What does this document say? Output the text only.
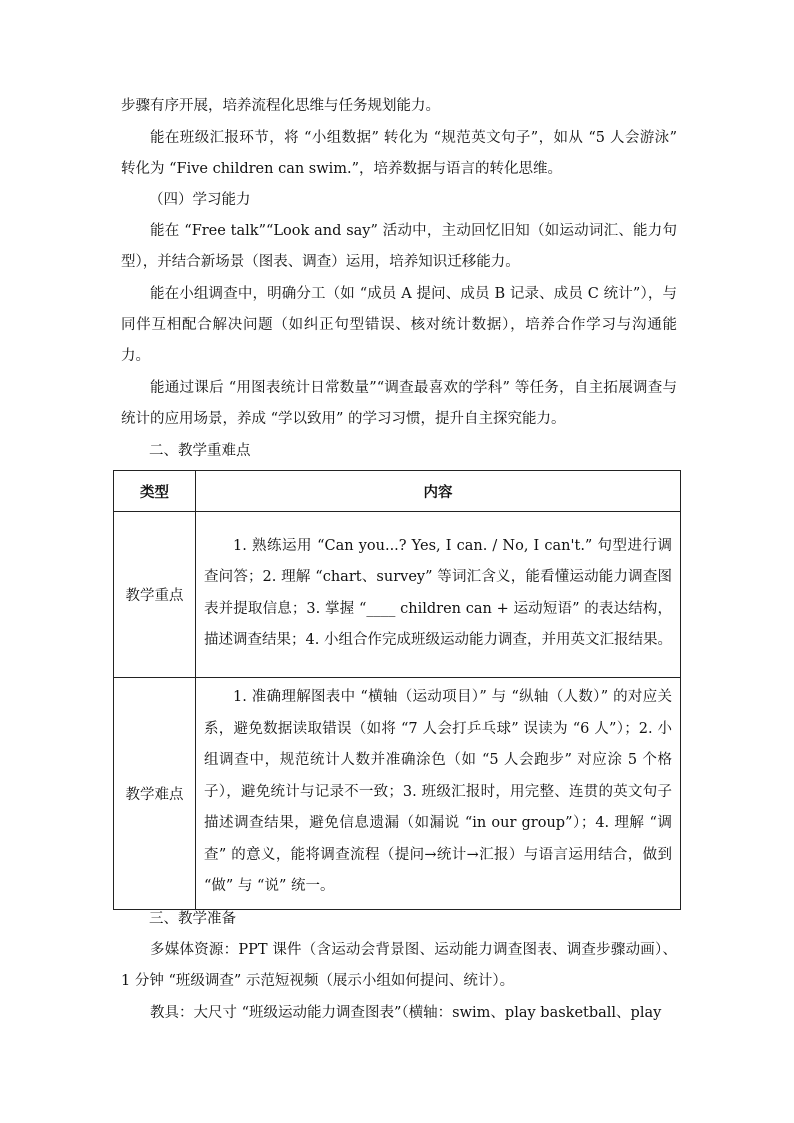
步骤有序开展，培养流程化思维与任务规划能力。

能在班级汇报环节，将 “小组数据” 转化为 “规范英文句子”，如从 “5 人会游泳” 转化为 “Five children can swim.”，培养数据与语言的转化思维。

（四）学习能力

能在 “Free talk”“Look and say” 活动中，主动回忆旧知（如运动词汇、能力句型），并结合新场景（图表、调查）运用，培养知识迁移能力。

能在小组调查中，明确分工（如 “成员 A 提问、成员 B 记录、成员 C 统计”），与同伴互相配合解决问题（如纠正句型错误、核对统计数据），培养合作学习与沟通能力。

能通过课后 “用图表统计日常数量”“调查最喜欢的学科” 等任务，自主拓展调查与统计的应用场景，养成 “学以致用” 的学习习惯，提升自主探究能力。

二、教学重难点

类型	内容
教学重点	1. 熟练运用 “Can you...? Yes, I can. / No, I can't.” 句型进行调查问答；2. 理解 “chart、survey” 等词汇含义，能看懂运动能力调查图表并提取信息；3. 掌握 “____ children can + 运动短语” 的表达结构，描述调查结果；4. 小组合作完成班级运动能力调查，并用英文汇报结果。

教学难点	1. 准确理解图表中 “横轴（运动项目）” 与 “纵轴（人数）” 的对应关系，避免数据读取错误（如将 “7 人会打乒乓球” 误读为 “6 人”）；2. 小组调查中，规范统计人数并准确涂色（如 “5 人会跑步” 对应涂 5 个格子），避免统计与记录不一致；3. 班级汇报时，用完整、连贯的英文句子描述调查结果，避免信息遗漏（如漏说 “in our group”）；4. 理解 “调查” 的意义，能将调查流程（提问→统计→汇报）与语言运用结合，做到 “做” 与 “说” 统一。

三、教学准备

多媒体资源：PPT 课件（含运动会背景图、运动能力调查图表、调查步骤动画）、1 分钟 “班级调查” 示范短视频（展示小组如何提问、统计）。

教具：大尺寸 “班级运动能力调查图表”（横轴：swim、play basketball、play
